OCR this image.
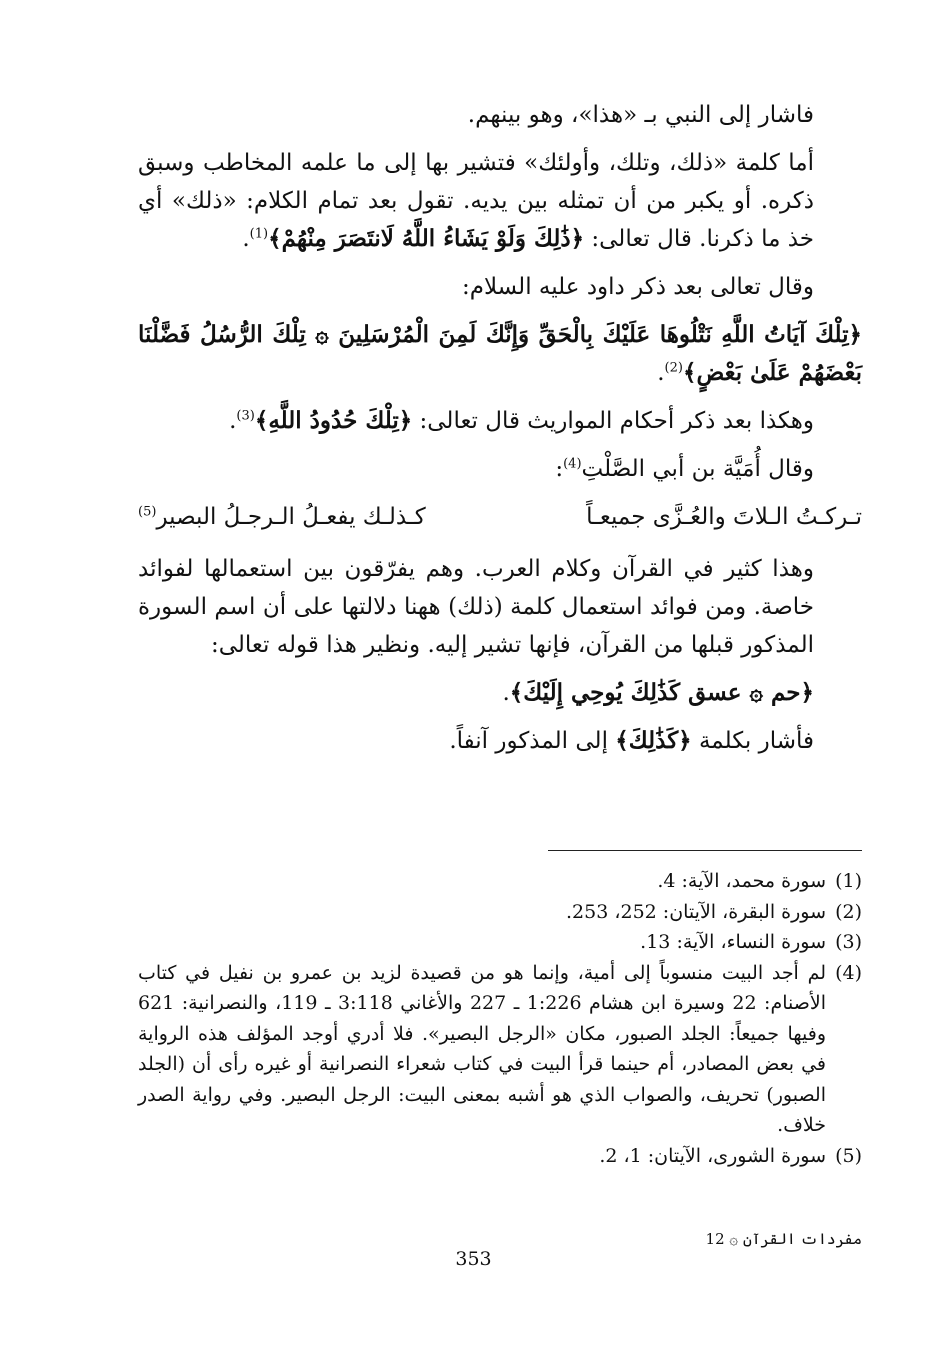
فاشار إلى النبي بـ «هذا»، وهو بينهم.

أما كلمة «ذلك، وتلك، وأولئك» فتشير بها إلى ما علمه المخاطب وسبق ذكره. أو يكبر من أن تمثله بين يديه. تقول بعد تمام الكلام: «ذلك» أي خذ ما ذكرنا. قال تعالى: ﴿ذَٰلِكَ وَلَوْ يَشَاءُ اللَّهُ لَانتَصَرَ مِنْهُمْ﴾$^{(1)}$.

وقال تعالى بعد ذكر داود عليه السلام:

﴿تِلْكَ آيَاتُ اللَّهِ نَتْلُوهَا عَلَيْكَ بِالْحَقِّ وَإِنَّكَ لَمِنَ الْمُرْسَلِينَ ۞ تِلْكَ الرُّسُلُ فَضَّلْنَا بَعْضَهُمْ عَلَىٰ بَعْضٍ﴾$^{(2)}$.

وهكذا بعد ذكر أحكام المواريث قال تعالى: ﴿تِلْكَ حُدُودُ اللَّهِ﴾$^{(3)}$.

وقال أُمَيَّة بن أبي الصَّلْتِ$^{(4)}$:

تـركـتُ الـلاتَ والعُـزَّى جميعـاً
كـذلـك يفعـلُ الـرجـلُ البصير$^{(5)}$

وهذا كثير في القرآن وكلام العرب. وهم يفرّقون بين استعمالها لفوائد خاصة. ومن فوائد استعمال كلمة (ذلك) ههنا دلالتها على أن اسم السورة المذكور قبلها من القرآن، فإنها تشير إليه. ونظير هذا قوله تعالى:

﴿حم ۞ عسق كَذَٰلِكَ يُوحِي إِلَيْكَ﴾.

فأشار بكلمة ﴿كَذَٰلِكَ﴾ إلى المذكور آنفاً.

(1)
سورة محمد، الآية: 4.
(2)
سورة البقرة، الآيتان: 252، 253.
(3)
سورة النساء، الآية: 13.
(4)
لم أجد البيت منسوباً إلى أمية، وإنما هو من قصيدة لزيد بن عمرو بن نفيل في كتاب الأصنام: 22 وسيرة ابن هشام 1:226 ـ 227 والأغاني 3:118 ـ 119، والنصرانية: 621 وفيها جميعاً: الجلد الصبور، مكان «الرجل البصير». فلا أدري أوجد المؤلف هذه الرواية في بعض المصادر، أم حينما قرأ البيت في كتاب شعراء النصرانية أو غيره رأى أن (الجلد الصبور) تحريف، والصواب الذي هو أشبه بمعنى البيت: الرجل البصير. وفي رواية الصدر خلاف.
(5)
سورة الشورى، الآيتان: 1، 2.
مفردات القرآن ۞ 12
353
